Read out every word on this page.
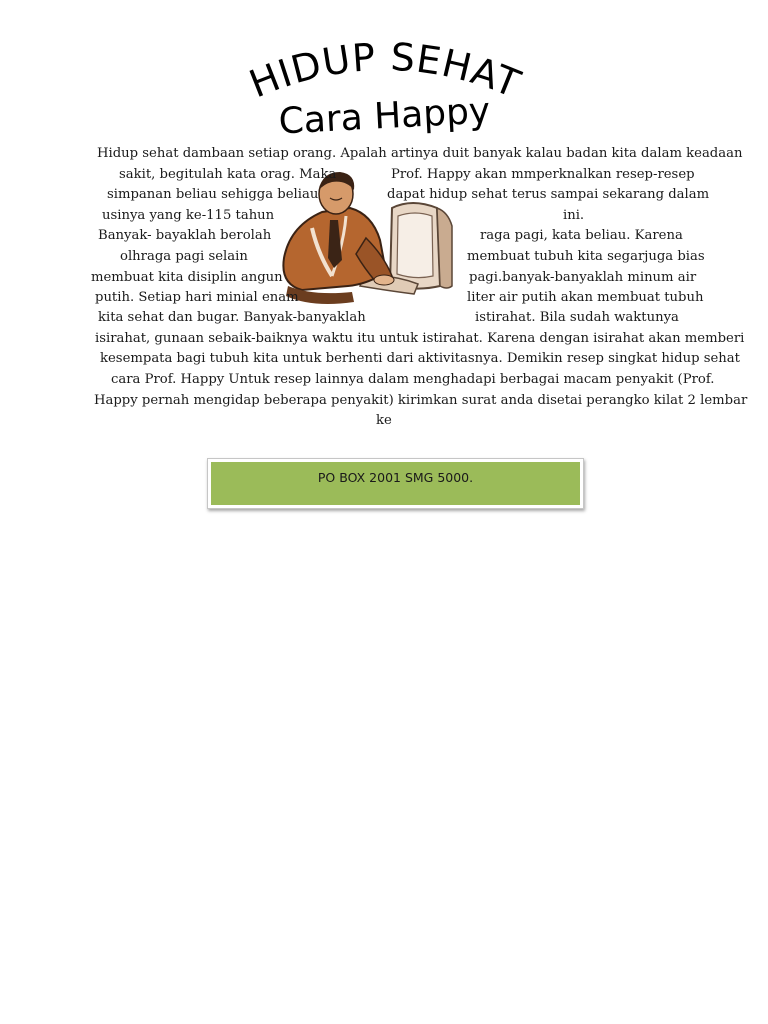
HIDUP SEHAT
Cara Happy
Hidup sehat dambaan setiap orang. Apalah artinya duit banyak kalau badan kita dalam keadaan
sakit, begitulah kata orag. Maka	Prof. Happy akan mmperknalkan resep-resep
simpanan beliau sehigga beliau	dapat hidup sehat terus sampai sekarang dalam
usinya yang ke-115 tahun	ini.
Banyak- bayaklah berolah	raga pagi, kata beliau. Karena
olhraga pagi selain	membuat tubuh kita segarjuga bias
membuat kita disiplin angun	pagi.banyak-banyaklah minum air
putih. Setiap hari minial enam	liter air putih akan membuat tubuh
kita sehat dan bugar. Banyak-banyaklah	istirahat. Bila sudah waktunya
isirahat, gunaan sebaik-baiknya waktu itu untuk istirahat. Karena dengan isirahat akan memberi
kesempata bagi tubuh kita untuk berhenti dari aktivitasnya. Demikin resep singkat hidup sehat
cara Prof. Happy Untuk resep lainnya dalam menghadapi berbagai macam penyakit (Prof.
Happy pernah mengidap beberapa penyakit) kirimkan surat anda disetai perangko kilat 2 lembar
ke
PO BOX 2001 SMG 5000.
